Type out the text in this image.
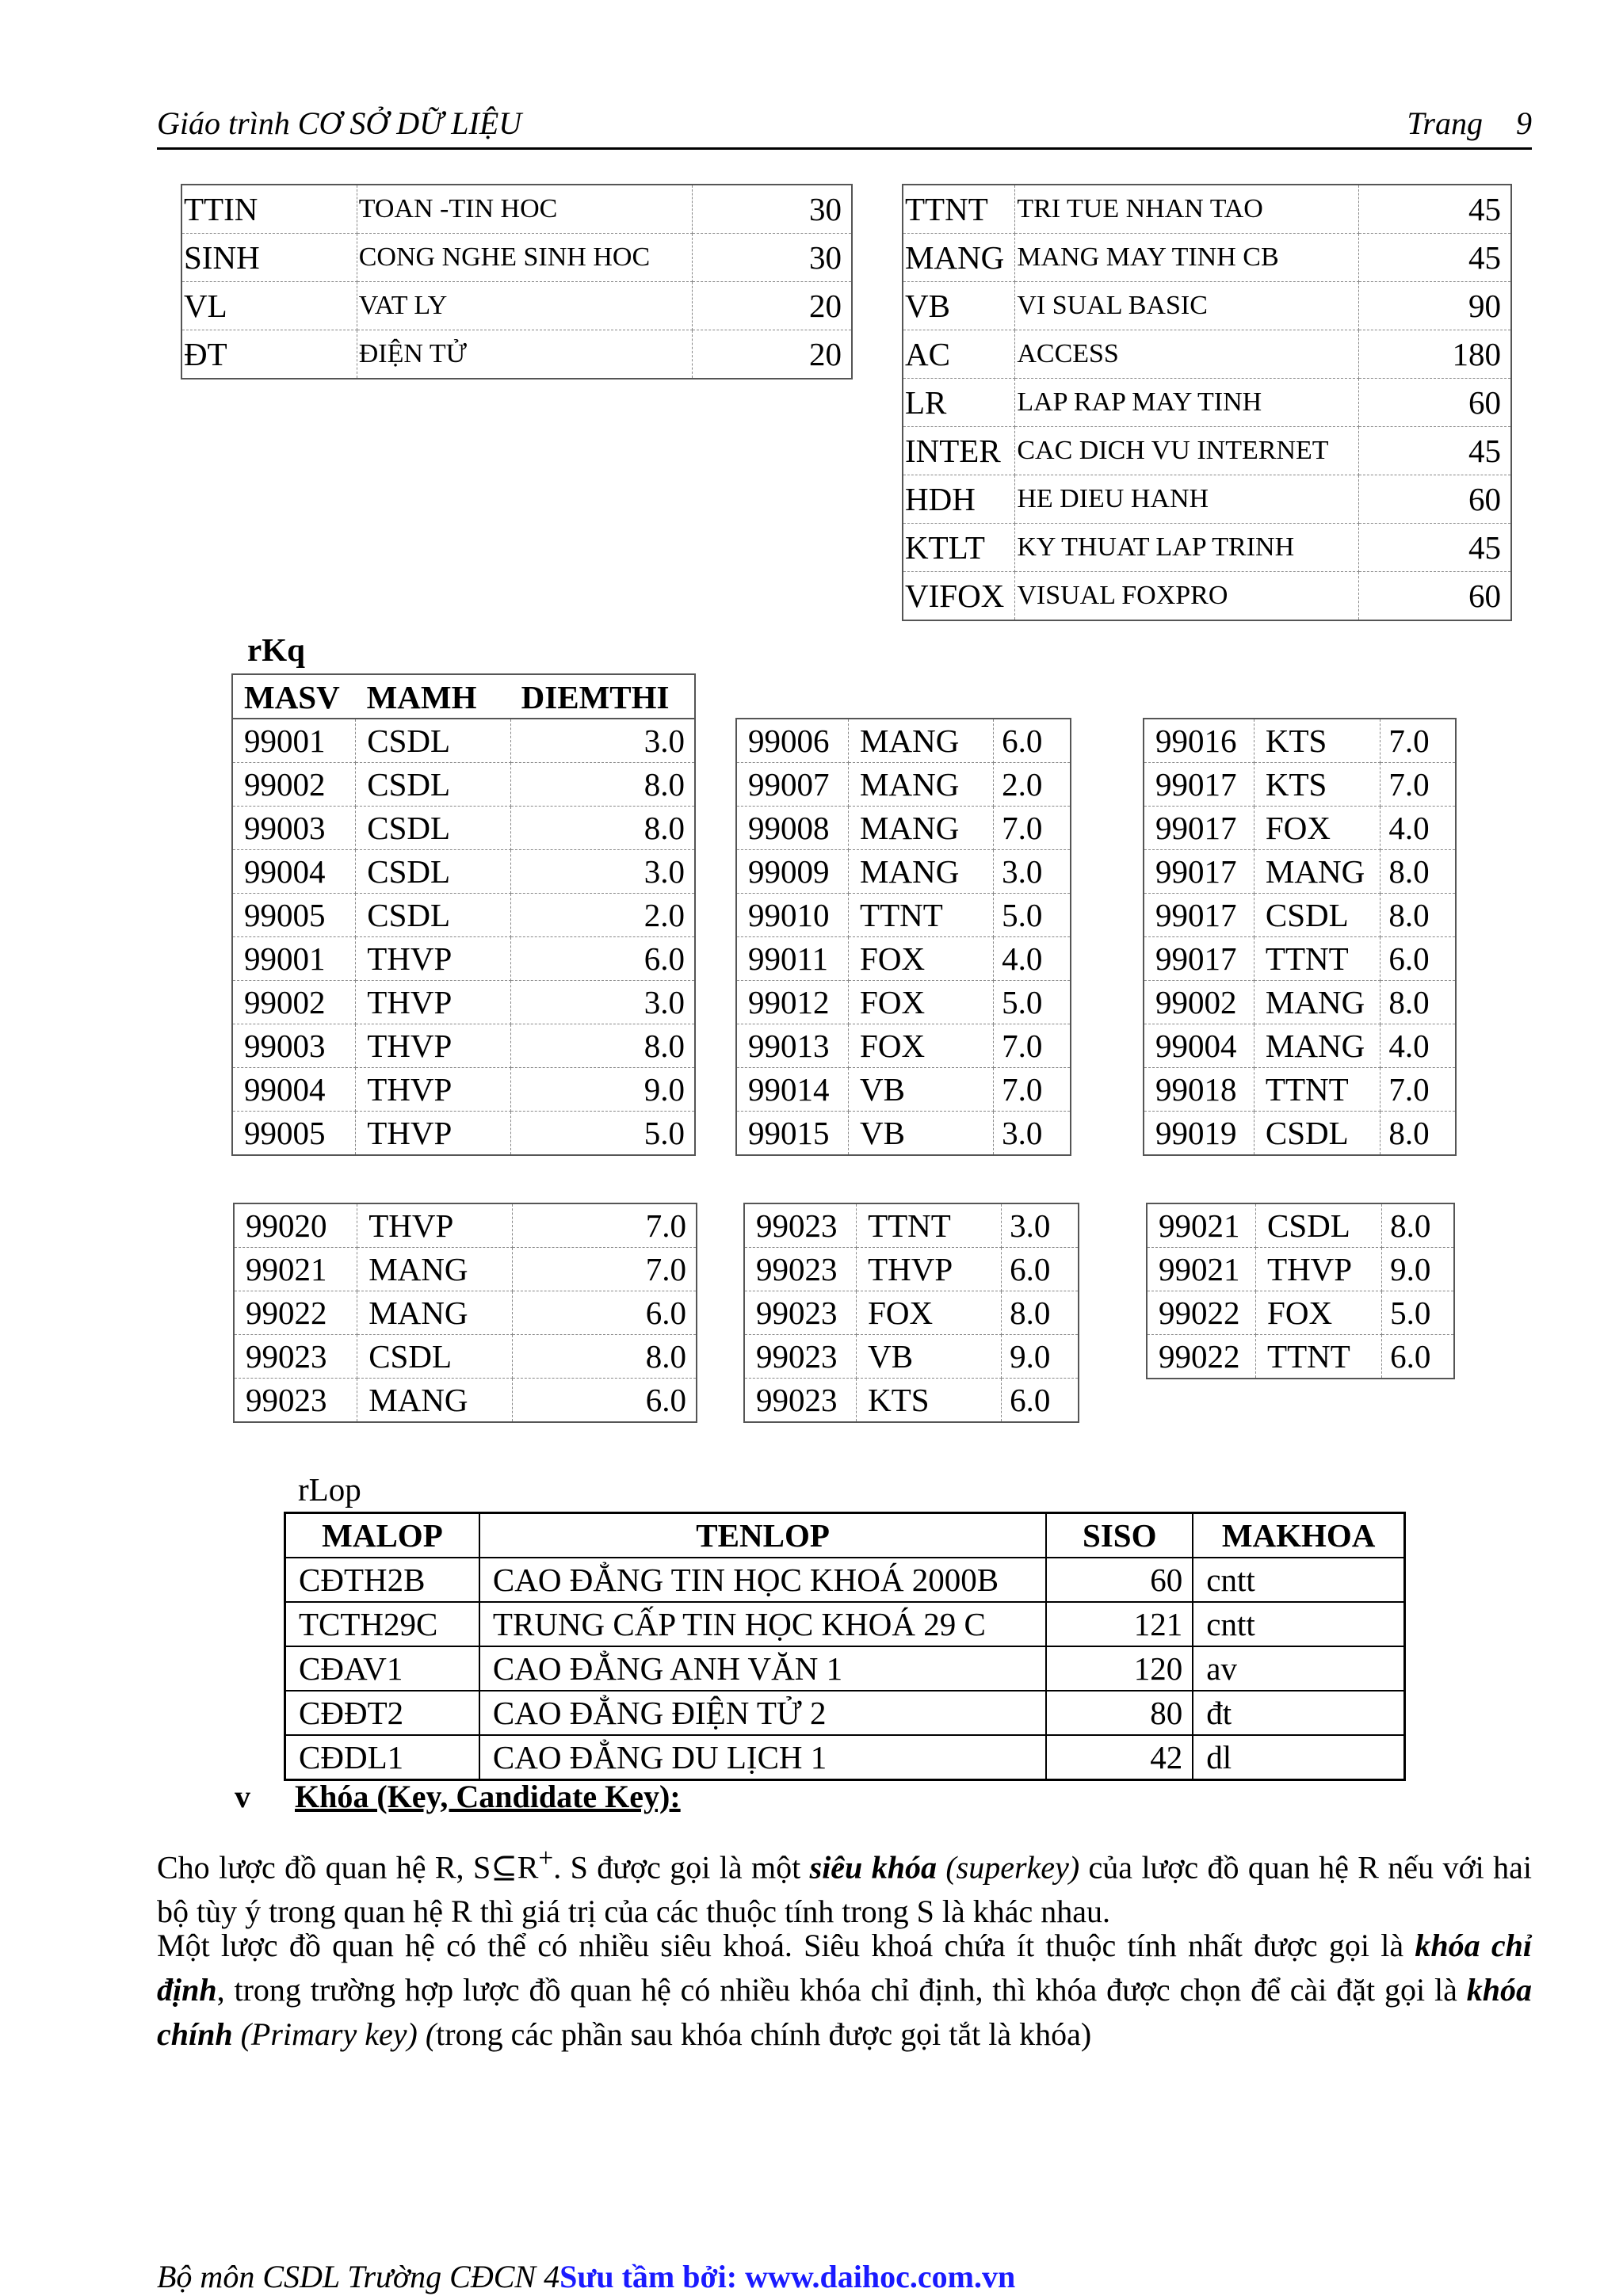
Giáo trình CƠ SỞ DỮ LIỆU	Trang 9
TTIN	TOAN -TIN HOC	30
SINH	CONG NGHE SINH HOC	30
VL	VAT LY	20
ĐT	ĐIỆN TỬ	20
TTNT	TRI TUE NHAN TAO	45
MANG	MANG MAY TINH CB	45
VB	VI SUAL BASIC	90
AC	ACCESS	180
LR	LAP RAP MAY TINH	60
INTER	CAC DICH VU INTERNET	45
HDH	HE DIEU HANH	60
KTLT	KY THUAT LAP TRINH	45
VIFOX	VISUAL FOXPRO	60
rKq
MASV	MAMH	DIEMTHI
99001	CSDL	3.0
99002	CSDL	8.0
99003	CSDL	8.0
99004	CSDL	3.0
99005	CSDL	2.0
99001	THVP	6.0
99002	THVP	3.0
99003	THVP	8.0
99004	THVP	9.0
99005	THVP	5.0
99006	MANG	6.0
99007	MANG	2.0
99008	MANG	7.0
99009	MANG	3.0
99010	TTNT	5.0
99011	FOX	4.0
99012	FOX	5.0
99013	FOX	7.0
99014	VB	7.0
99015	VB	3.0
99016	KTS	7.0
99017	KTS	7.0
99017	FOX	4.0
99017	MANG	8.0
99017	CSDL	8.0
99017	TTNT	6.0
99002	MANG	8.0
99004	MANG	4.0
99018	TTNT	7.0
99019	CSDL	8.0
99020	THVP	7.0
99021	MANG	7.0
99022	MANG	6.0
99023	CSDL	8.0
99023	MANG	6.0
99023	TTNT	3.0
99023	THVP	6.0
99023	FOX	8.0
99023	VB	9.0
99023	KTS	6.0
99021	CSDL	8.0
99021	THVP	9.0
99022	FOX	5.0
99022	TTNT	6.0
rLop
MALOP	TENLOP	SISO	MAKHOA
CĐTH2B	CAO ĐẲNG TIN HỌC KHOÁ 2000B	60	cntt
TCTH29C	TRUNG CẤP TIN HỌC KHOÁ 29 C	121	cntt
CĐAV1	CAO ĐẲNG ANH VĂN 1	120	av
CĐĐT2	CAO ĐẲNG ĐIỆN TỬ 2	80	đt
CĐDL1	CAO ĐẲNG DU LỊCH 1	42	dl
v Khóa (Key, Candidate Key):
Cho lược đồ quan hệ R, S⊆R+. S được gọi là một siêu khóa (superkey) của lược đồ quan hệ R nếu với hai bộ tùy ý trong quan hệ R thì giá trị của các thuộc tính trong S là khác nhau.
Một lược đồ quan hệ có thể có nhiều siêu khoá. Siêu khoá chứa ít thuộc tính nhất được gọi là khóa chỉ định, trong trường hợp lược đồ quan hệ có nhiều khóa chỉ định, thì khóa được chọn để cài đặt gọi là khóa chính (Primary key) (trong các phần sau khóa chính được gọi tắt là khóa)
Bộ môn CSDL Trường CĐCN 4Sưu tầm bởi: www.daihoc.com.vn
